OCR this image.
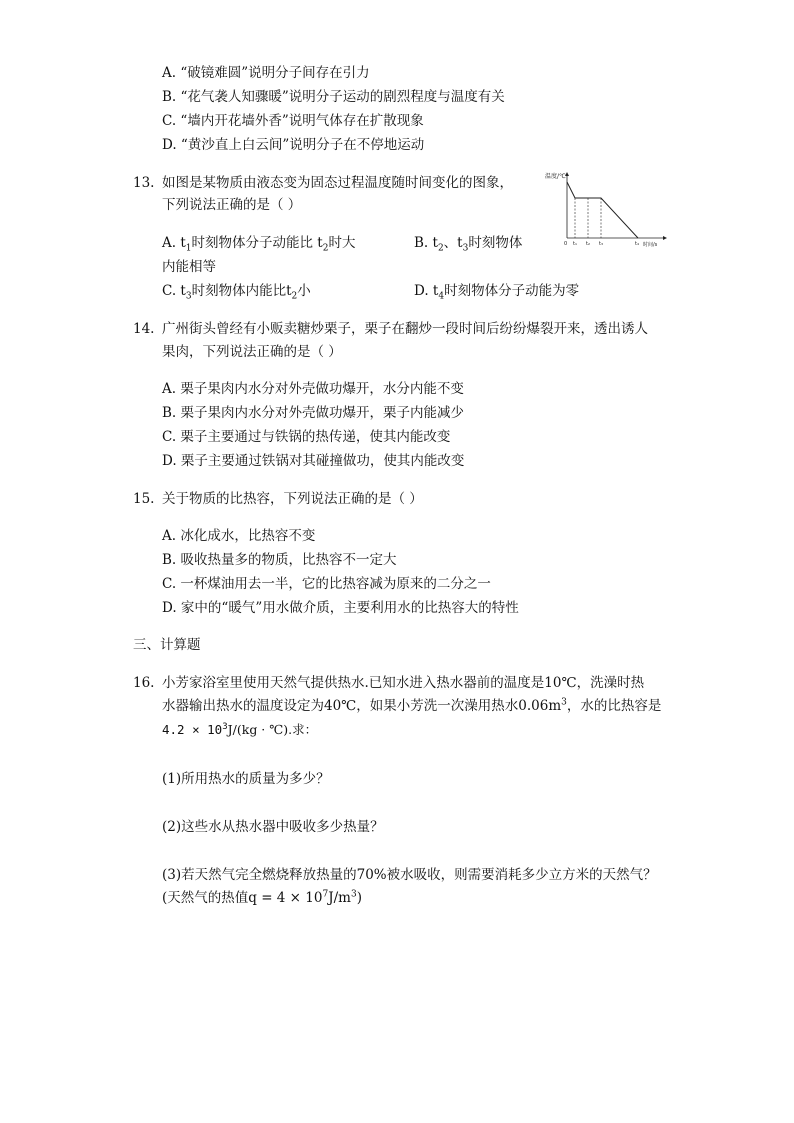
A. “破镜难圆”说明分子间存在引力
B. “花气袭人知骤暖”说明分子运动的剧烈程度与温度有关
C. “墙内开花墙外香”说明气体存在扩散现象
D. “黄沙直上白云间”说明分子在不停地运动
13. 如图是某物质由液态变为固态过程温度随时间变化的图象，
下列说法正确的是（ ）
温度/℃
时间/s
0 t₁ t₂ t₃	t₄
A. $t_1$时刻物体分子动能比 $t_2$时大	B. $t_2$、$t_3$时刻物体
内能相等
C. $t_3$时刻物体内能比$t_2$小	D. $t_4$时刻物体分子动能为零
14. 广州街头曾经有小贩卖糖炒栗子，栗子在翻炒一段时间后纷纷爆裂开来，透出诱人
果肉，下列说法正确的是（ ）
A. 栗子果肉内水分对外壳做功爆开，水分内能不变
B. 栗子果肉内水分对外壳做功爆开，栗子内能减少
C. 栗子主要通过与铁锅的热传递，使其内能改变
D. 栗子主要通过铁锅对其碰撞做功，使其内能改变
15. 关于物质的比热容，下列说法正确的是（ ）
A. 冰化成水，比热容不变
B. 吸收热量多的物质，比热容不一定大
C. 一杯煤油用去一半，它的比热容减为原来的二分之一
D. 家中的“暖气”用水做介质，主要利用水的比热容大的特性
三、计算题
16. 小芳家浴室里使用天然气提供热水.已知水进入热水器前的温度是10℃，洗澡时热
水器输出热水的温度设定为40℃，如果小芳洗一次澡用热水$0.06m^3$，水的比热容是
$4.2 \times 10^3J/(kg$ · ℃).求：
(1)所用热水的质量为多少？
(2)这些水从热水器中吸收多少热量？
(3)若天然气完全燃烧释放热量的70%被水吸收，则需要消耗多少立方米的天然气？
(天然气的热值$q = 4 \times 10^7J/m^3$)
